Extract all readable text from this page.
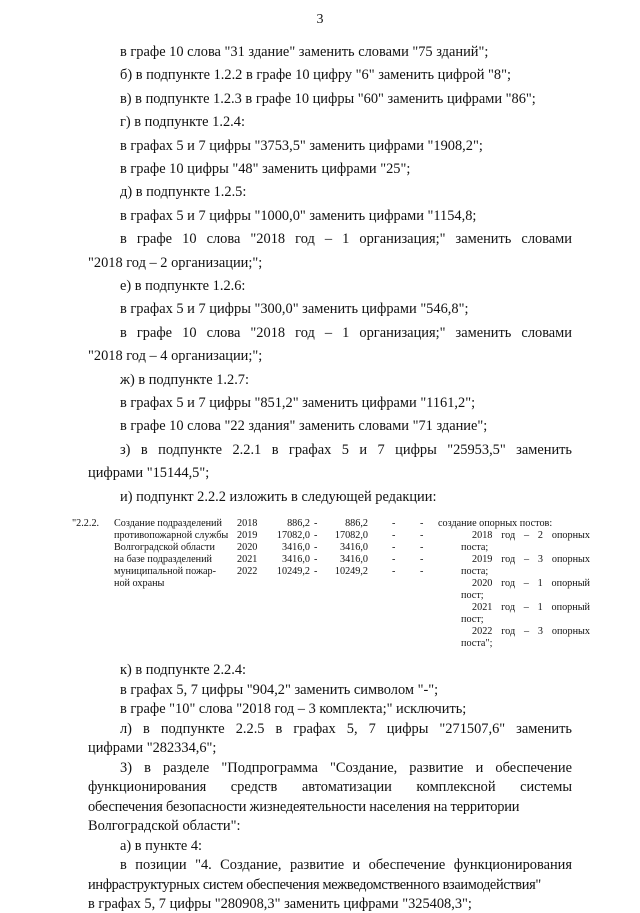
3
в графе 10 слова "31 здание" заменить словами "75 зданий";
б) в подпункте 1.2.2 в графе 10 цифру "6" заменить цифрой "8";
в) в подпункте 1.2.3 в графе 10 цифры "60" заменить цифрами "86";
г) в подпункте 1.2.4:
в графах 5 и 7 цифры "3753,5" заменить цифрами "1908,2";
в графе 10 цифры "48" заменить цифрами "25";
д) в подпункте 1.2.5:
в графах 5 и 7 цифры "1000,0" заменить цифрами "1154,8;
в графе 10 слова "2018 год – 1 организация;" заменить словами
"2018 год – 2 организации;";
е) в подпункте 1.2.6:
в графах 5 и 7 цифры "300,0" заменить цифрами "546,8";
в графе 10 слова "2018 год – 1 организация;" заменить словами
"2018 год – 4 организации;";
ж) в подпункте 1.2.7:
в графах 5 и 7 цифры "851,2" заменить цифрами "1161,2";
в графе 10 слова "22 здания" заменить словами "71 здание";
з) в подпункте 2.2.1 в графах 5 и 7 цифры "25953,5" заменить
цифрами "15144,5";
и) подпункт 2.2.2 изложить в следующей редакции:
"2.2.2. Создание подразделений
противопожарной службы
Волгоградской области
на базе подразделений
муниципальной пожар-
ной охраны
2018
2019
2020
2021
2022
886,2
17082,0
3416,0
3416,0
10249,2
-
-
-
-
-
886,2
17082,0
3416,0
3416,0
10249,2
-
-
-
-
-
-
-
-
-
-
создание опорных постов:
2018 год – 2 опорных
поста;
2019 год – 3 опорных
поста;
2020 год – 1 опорный
пост;
2021 год – 1 опорный
пост;
2022 год – 3 опорных
поста";
к) в подпункте 2.2.4:
в графах 5, 7 цифры "904,2" заменить символом "-";
в графе "10" слова "2018 год – 3 комплекта;" исключить;
л) в подпункте 2.2.5 в графах 5, 7 цифры "271507,6" заменить
цифрами "282334,6";
3) в разделе "Подпрограмма "Создание, развитие и обеспечение
функционирования средств автоматизации комплексной системы
обеспечения безопасности жизнедеятельности населения на территории
Волгоградской области":
а) в пункте 4:
в позиции "4. Создание, развитие и обеспечение функционирования
инфраструктурных систем обеспечения межведомственного взаимодействия"
в графах 5, 7 цифры "280908,3" заменить цифрами "325408,3";
